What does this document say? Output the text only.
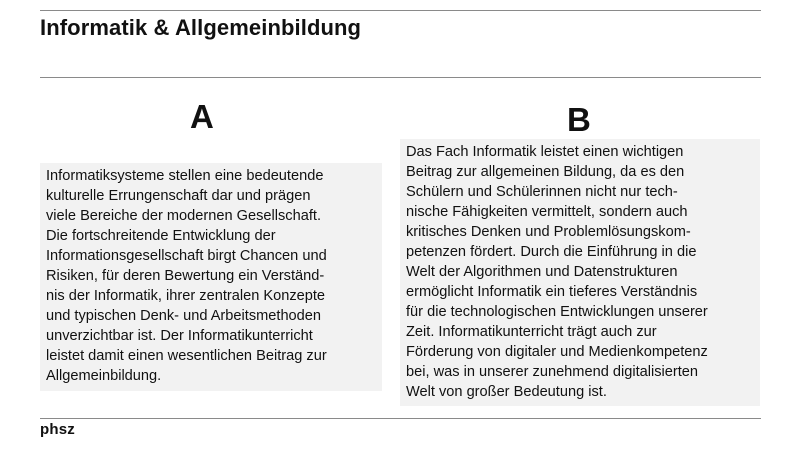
Informatik & Allgemeinbildung
A	B
Informatiksysteme stellen eine bedeutende
kulturelle Errungenschaft dar und prägen
viele Bereiche der modernen Gesellschaft.
Die fortschreitende Entwicklung der
Informationsgesellschaft birgt Chancen und
Risiken, für deren Bewertung ein Verständ-
nis der Informatik, ihrer zentralen Konzepte
und typischen Denk- und Arbeitsmethoden
unverzichtbar ist. Der Informatikunterricht
leistet damit einen wesentlichen Beitrag zur
Allgemeinbildung.
Das Fach Informatik leistet einen wichtigen
Beitrag zur allgemeinen Bildung, da es den
Schülern und Schülerinnen nicht nur tech-
nische Fähigkeiten vermittelt, sondern auch
kritisches Denken und Problemlösungskom-
petenzen fördert. Durch die Einführung in die
Welt der Algorithmen und Datenstrukturen
ermöglicht Informatik ein tieferes Verständnis
für die technologischen Entwicklungen unserer
Zeit. Informatikunterricht trägt auch zur
Förderung von digitaler und Medienkompetenz
bei, was in unserer zunehmend digitalisierten
Welt von großer Bedeutung ist.
phsz
